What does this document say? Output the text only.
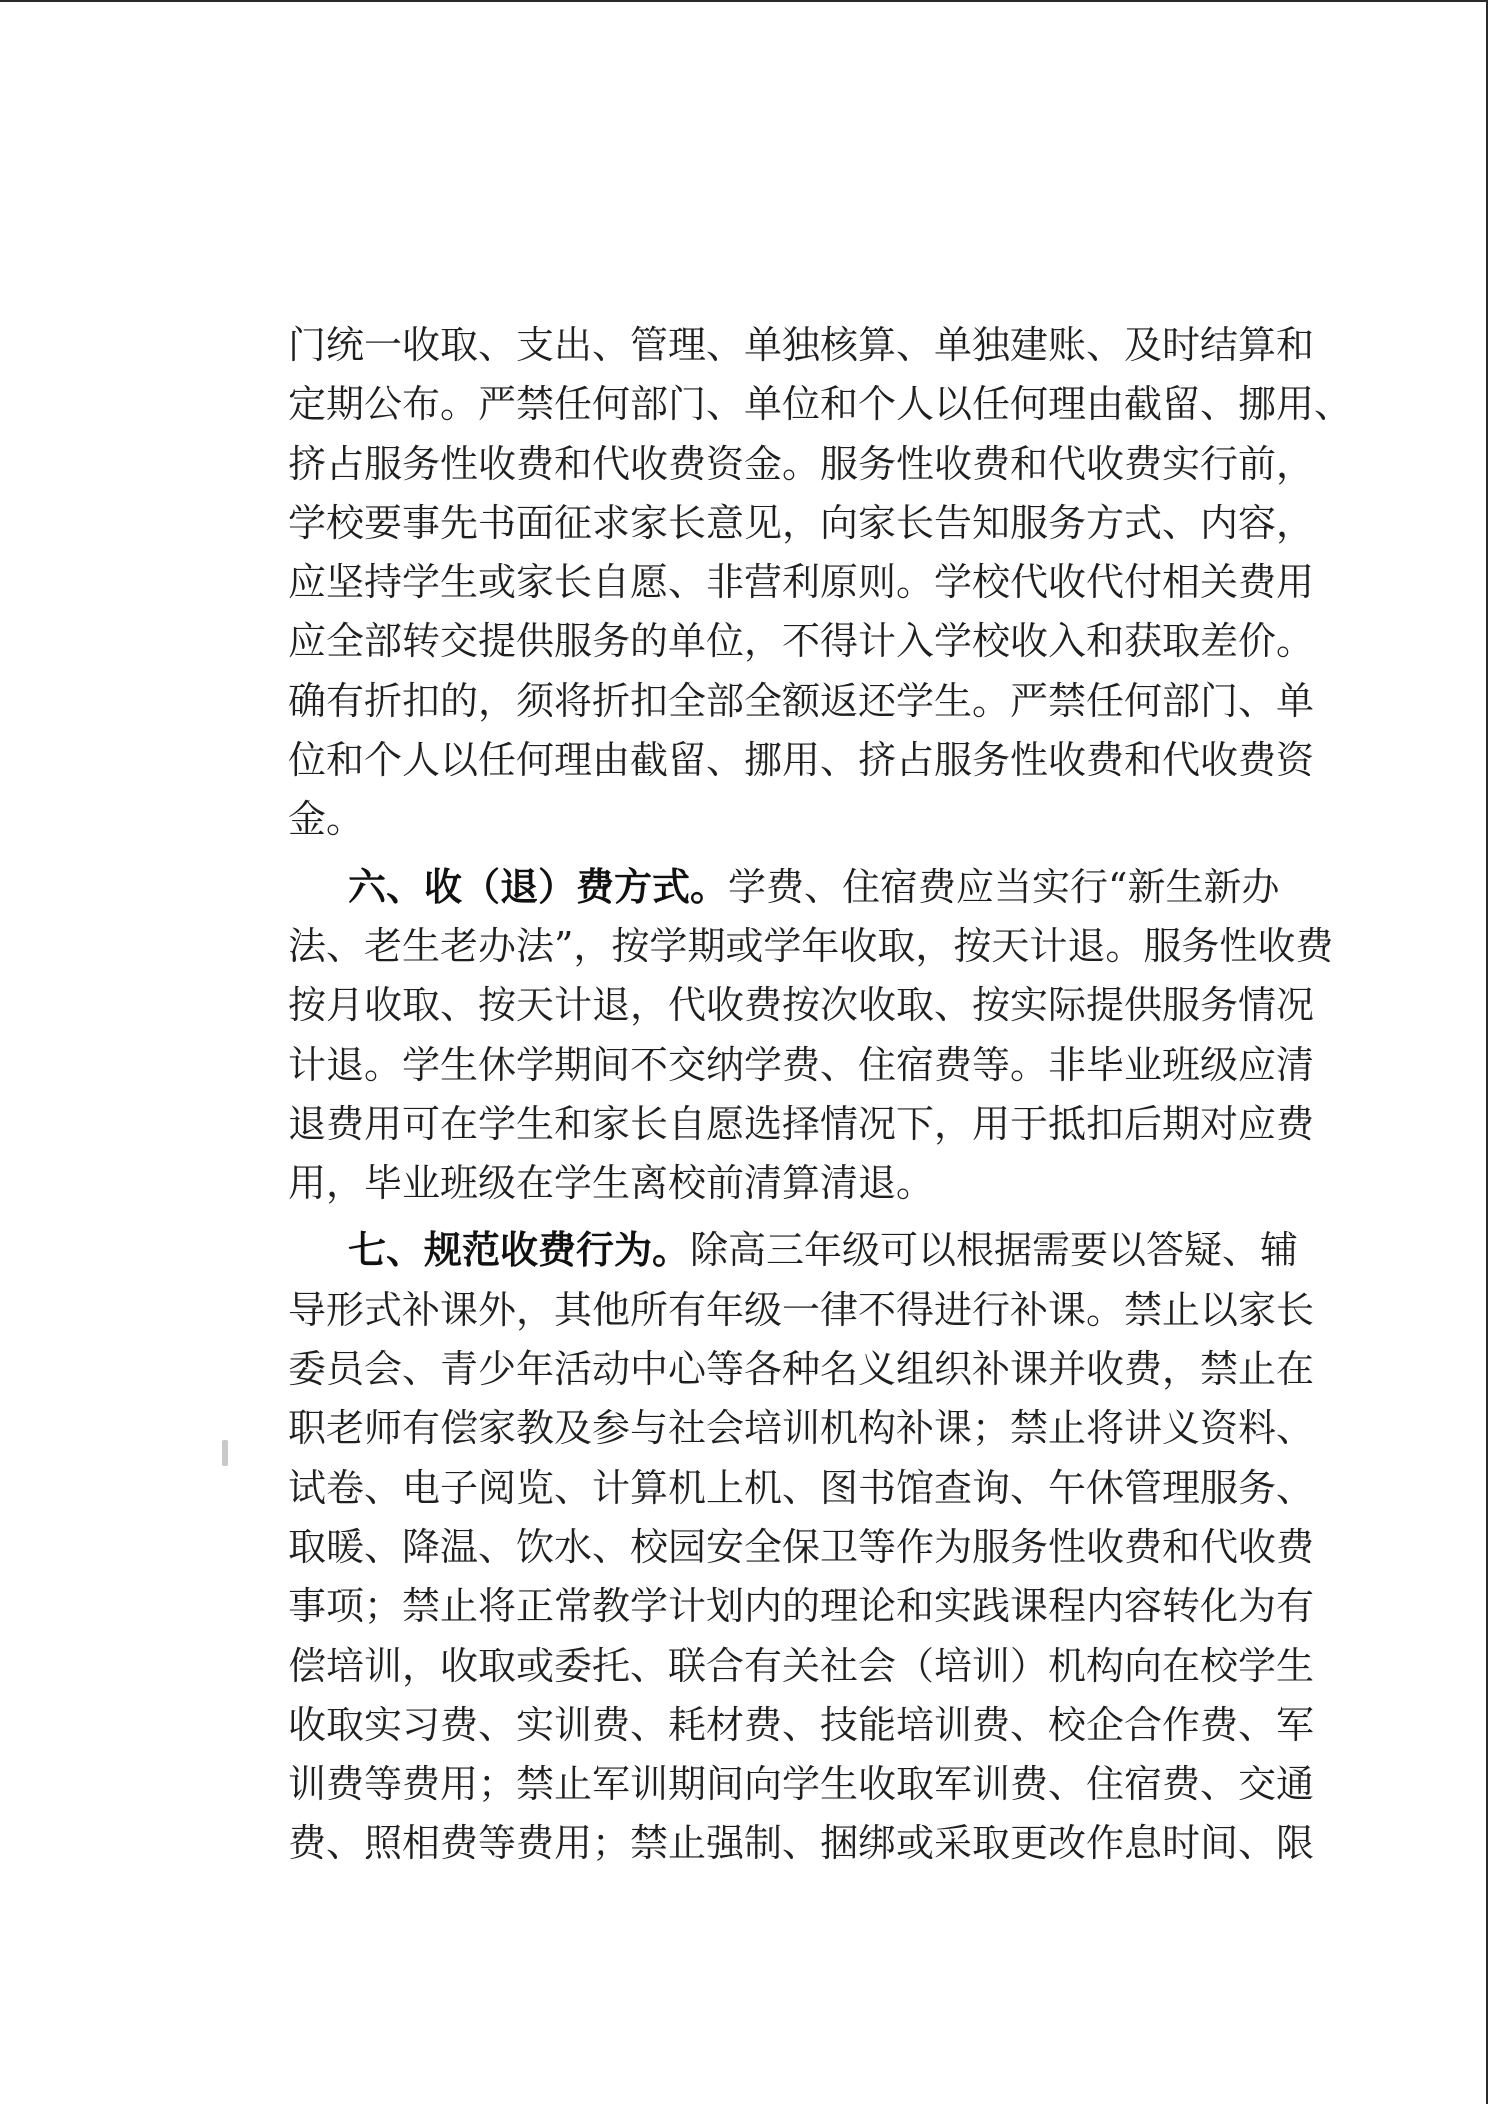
门统一收取、支出、管理、单独核算、单独建账、及时结算和
定期公布。严禁任何部门、单位和个人以任何理由截留、挪用、
挤占服务性收费和代收费资金。服务性收费和代收费实行前，
学校要事先书面征求家长意见，向家长告知服务方式、内容，
应坚持学生或家长自愿、非营利原则。学校代收代付相关费用
应全部转交提供服务的单位，不得计入学校收入和获取差价。
确有折扣的，须将折扣全部全额返还学生。严禁任何部门、单
位和个人以任何理由截留、挪用、挤占服务性收费和代收费资
金。
六、收（退）费方式。学费、住宿费应当实行“新生新办
法、老生老办法”，按学期或学年收取，按天计退。服务性收费
按月收取、按天计退，代收费按次收取、按实际提供服务情况
计退。学生休学期间不交纳学费、住宿费等。非毕业班级应清
退费用可在学生和家长自愿选择情况下，用于抵扣后期对应费
用，毕业班级在学生离校前清算清退。
七、规范收费行为。除高三年级可以根据需要以答疑、辅
导形式补课外，其他所有年级一律不得进行补课。禁止以家长
委员会、青少年活动中心等各种名义组织补课并收费，禁止在
职老师有偿家教及参与社会培训机构补课；禁止将讲义资料、
试卷、电子阅览、计算机上机、图书馆查询、午休管理服务、
取暖、降温、饮水、校园安全保卫等作为服务性收费和代收费
事项；禁止将正常教学计划内的理论和实践课程内容转化为有
偿培训，收取或委托、联合有关社会（培训）机构向在校学生
收取实习费、实训费、耗材费、技能培训费、校企合作费、军
训费等费用；禁止军训期间向学生收取军训费、住宿费、交通
费、照相费等费用；禁止强制、捆绑或采取更改作息时间、限
